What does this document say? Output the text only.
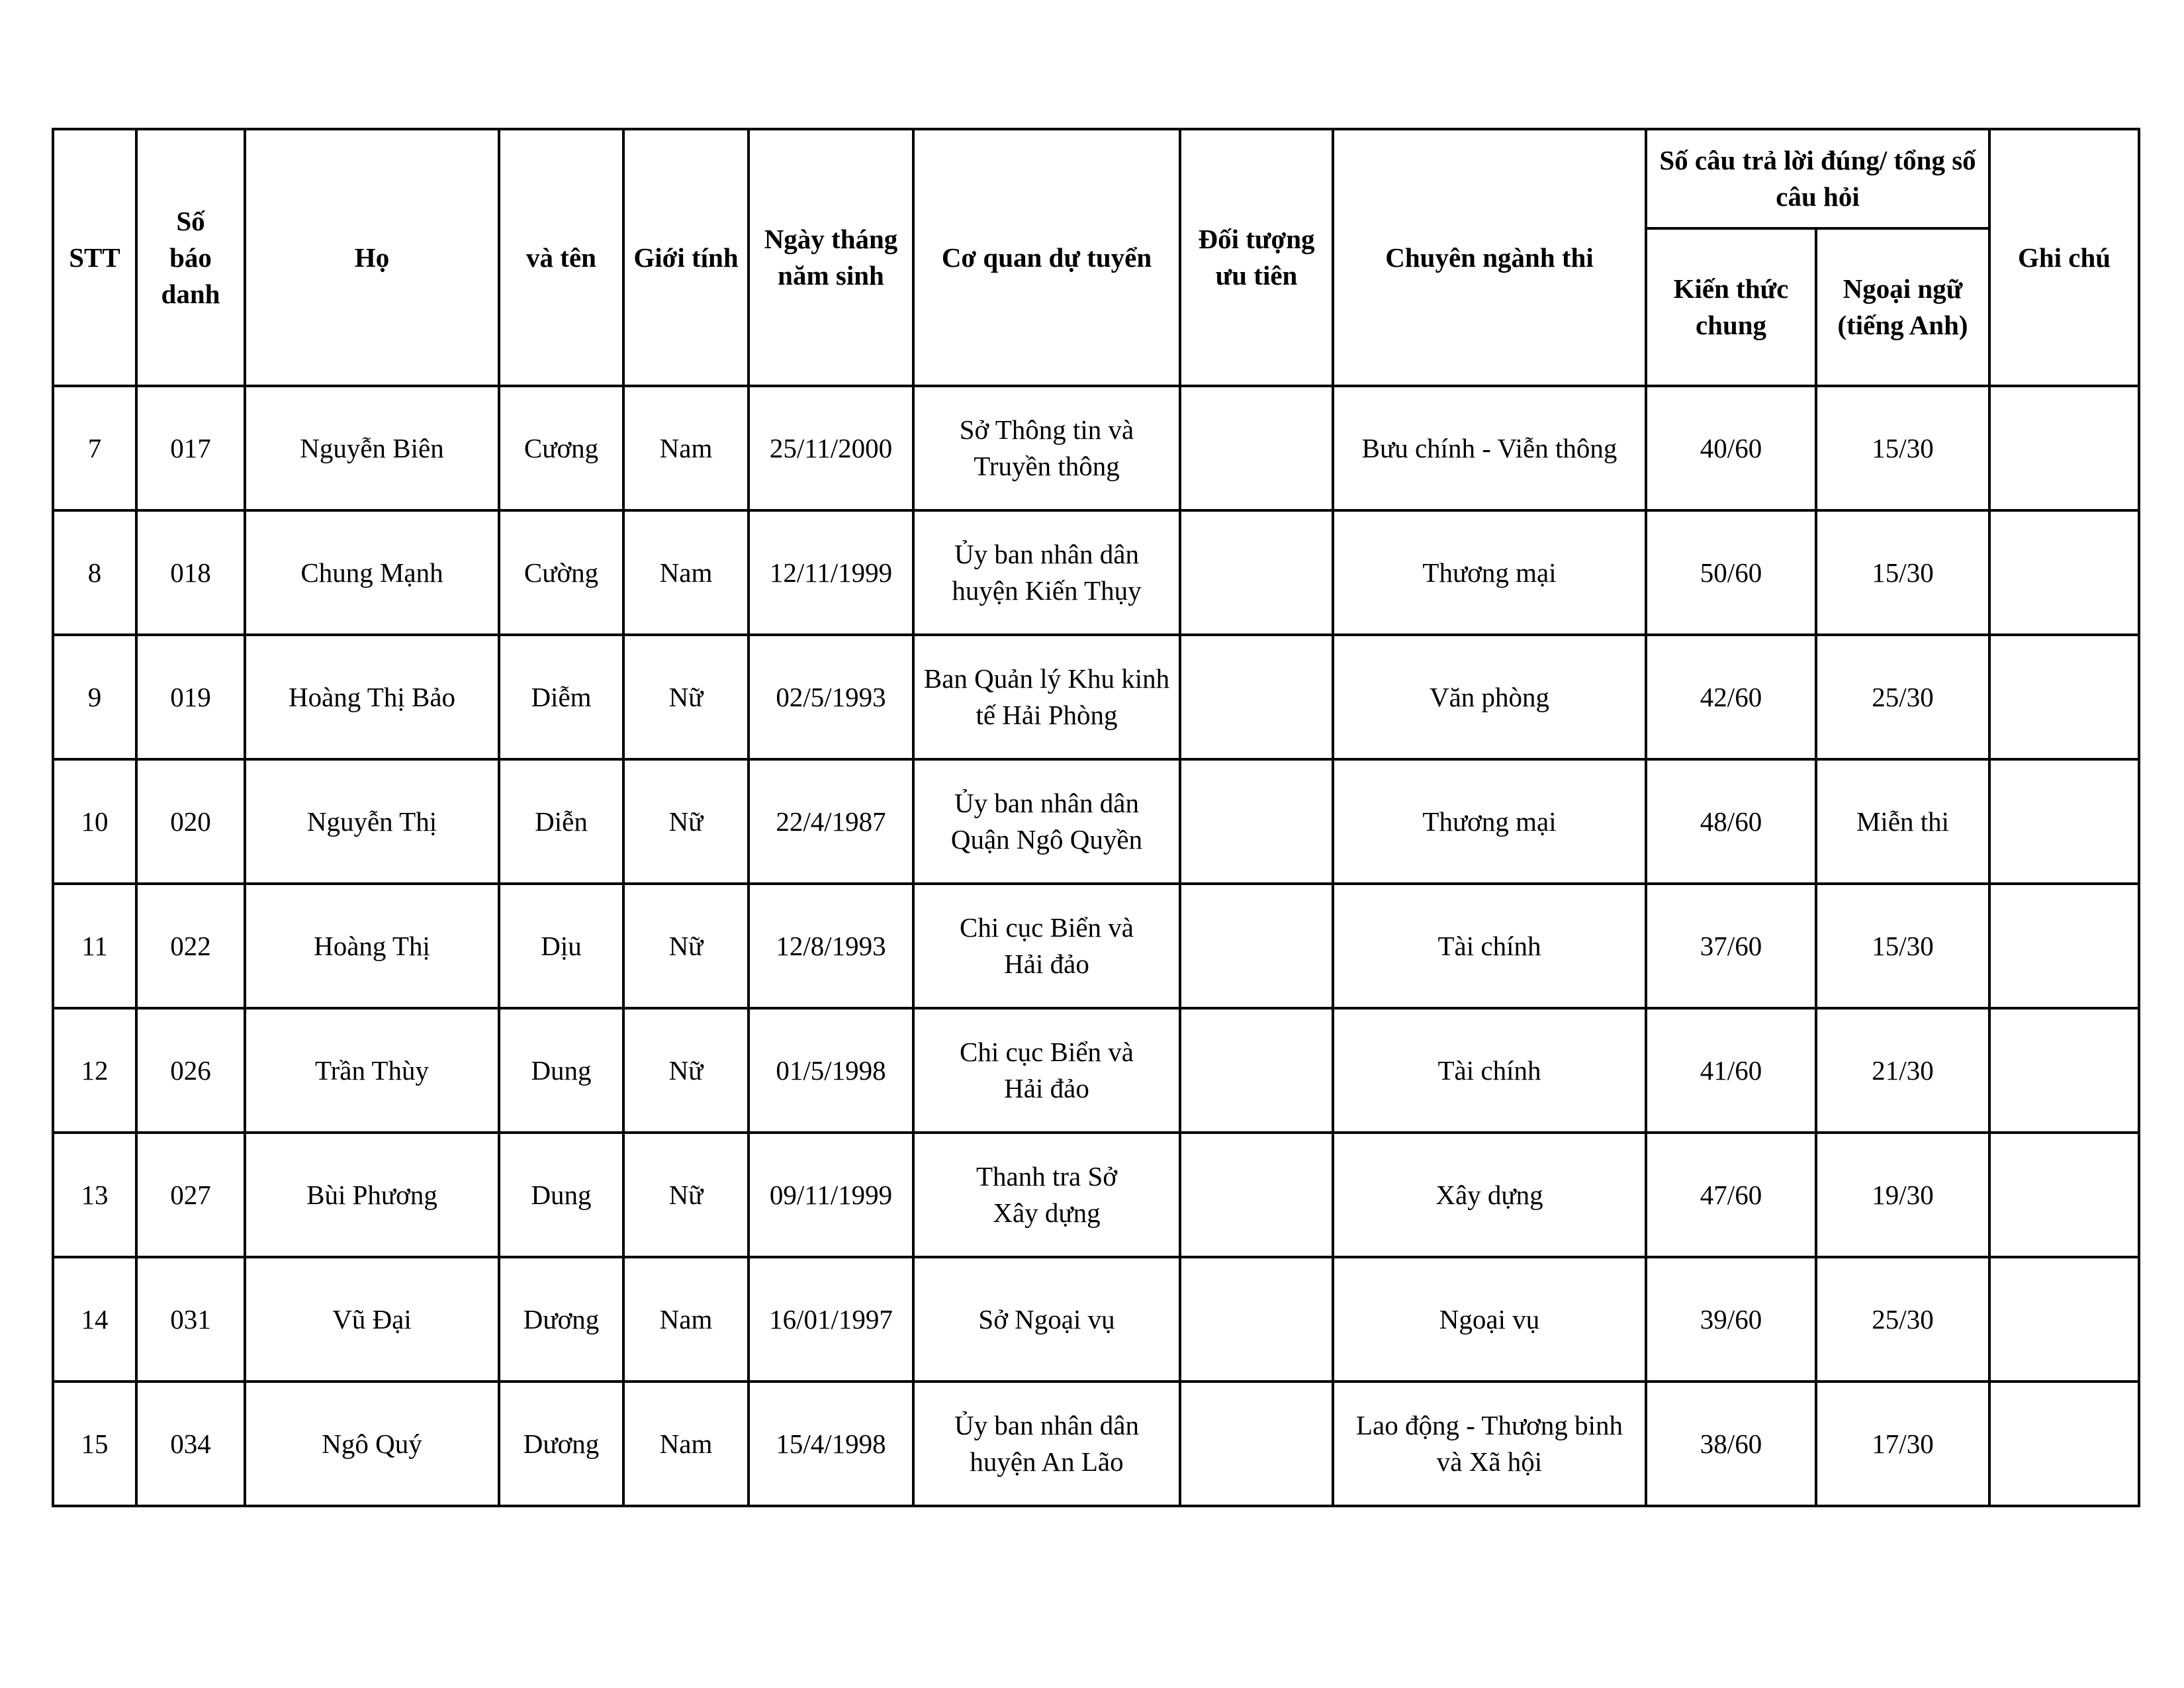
STT	Số báo danh	Họ	và tên	Giới tính	Ngày tháng năm sinh	Cơ quan dự tuyển	Đối tượng ưu tiên	Chuyên ngành thi	Số câu trả lời đúng/ tổng số câu hỏi		Ghi chú
									Kiến thức chung	Ngoại ngữ (tiếng Anh)	
7	017	Nguyễn Biên	Cương	Nam	25/11/2000	Sở Thông tin và Truyền thông		Bưu chính - Viễn thông	40/60	15/30	
8	018	Chung Mạnh	Cường	Nam	12/11/1999	Ủy ban nhân dân huyện Kiến Thụy		Thương mại	50/60	15/30	
9	019	Hoàng Thị Bảo	Diễm	Nữ	02/5/1993	Ban Quản lý Khu kinh tế Hải Phòng		Văn phòng	42/60	25/30	
10	020	Nguyễn Thị	Diễn	Nữ	22/4/1987	Ủy ban nhân dân Quận Ngô Quyền		Thương mại	48/60	Miễn thi	
11	022	Hoàng Thị	Dịu	Nữ	12/8/1993	Chi cục Biển và Hải đảo		Tài chính	37/60	15/30	
12	026	Trần Thùy	Dung	Nữ	01/5/1998	Chi cục Biển và Hải đảo		Tài chính	41/60	21/30	
13	027	Bùi Phương	Dung	Nữ	09/11/1999	Thanh tra Sở Xây dựng		Xây dựng	47/60	19/30	
14	031	Vũ Đại	Dương	Nam	16/01/1997	Sở Ngoại vụ		Ngoại vụ	39/60	25/30	
15	034	Ngô Quý	Dương	Nam	15/4/1998	Ủy ban nhân dân huyện An Lão		Lao động - Thương binh và Xã hội	38/60	17/30	
